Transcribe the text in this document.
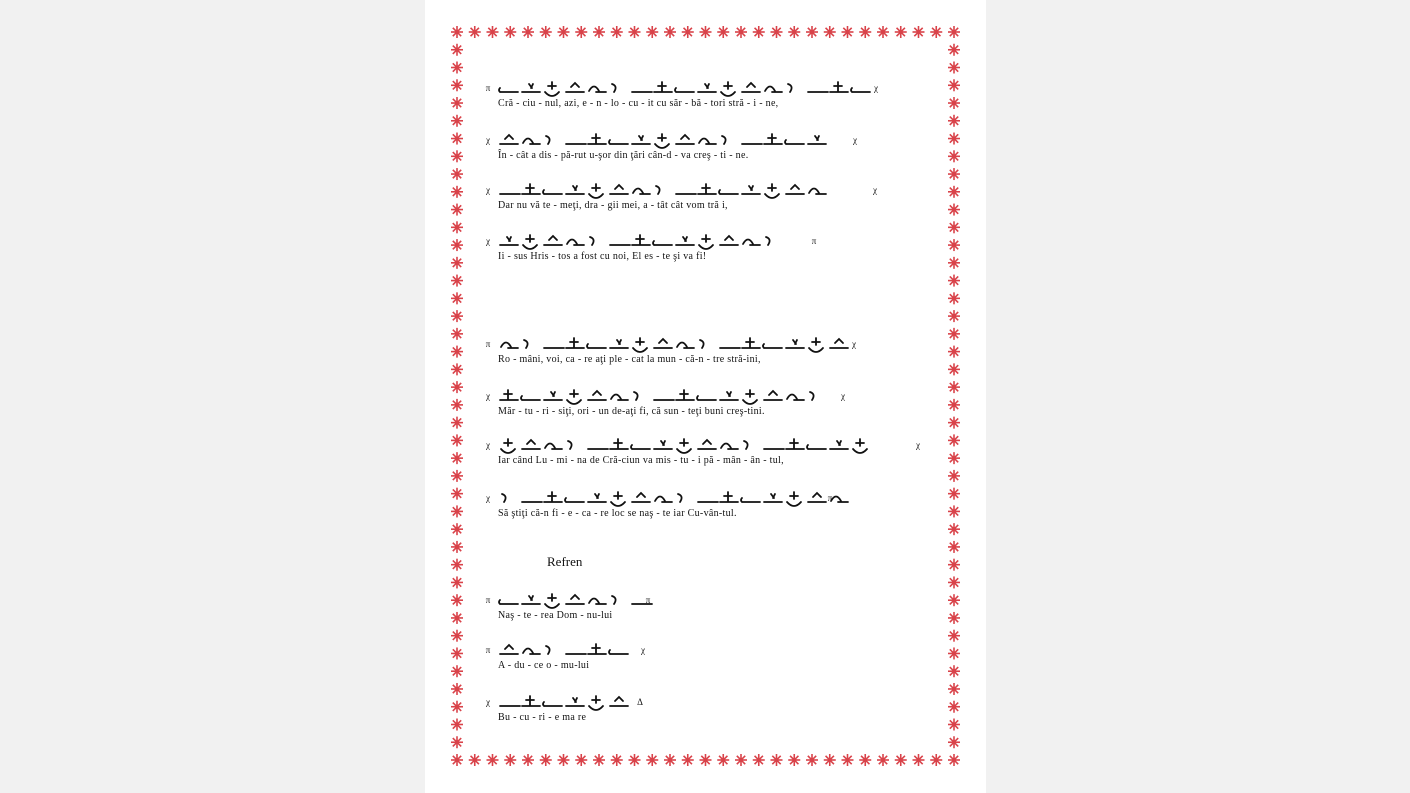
π
Cră - ciu - nul, azi, e - n - lo - cu - it cu săr - bă - tori stră - i - ne,
χ
χ
În - cât a dis - pă-rut u-şor din ţări cân-d - va creş - ti - ne.
χ
χ
Dar nu vă te - meţi, dra - gii mei, a - tât cât vom tră i,
χ
χ
Ii - sus Hris - tos a fost cu noi, El es - te şi va fi!
π
π
Ro - mâni, voi, ca - re aţi ple - cat la mun - că-n - tre stră-ini,
χ
χ
Măr - tu - ri - siţi, ori - un de-aţi fi, că sun - teţi buni creş-tini.
χ
χ
Iar când Lu - mi - na de Cră-ciun va mis - tu - i pă - mân - ân - tul,
χ
χ
Să ştiţi că-n fi - e - ca - re loc se naş - te iar Cu-vân-tul.
π
Refren
π
Naş - te - rea Dom - nu-lui
π
π
A - du - ce o - mu-lui
χ
χ
Bu - cu - ri - e ma re
Δ
